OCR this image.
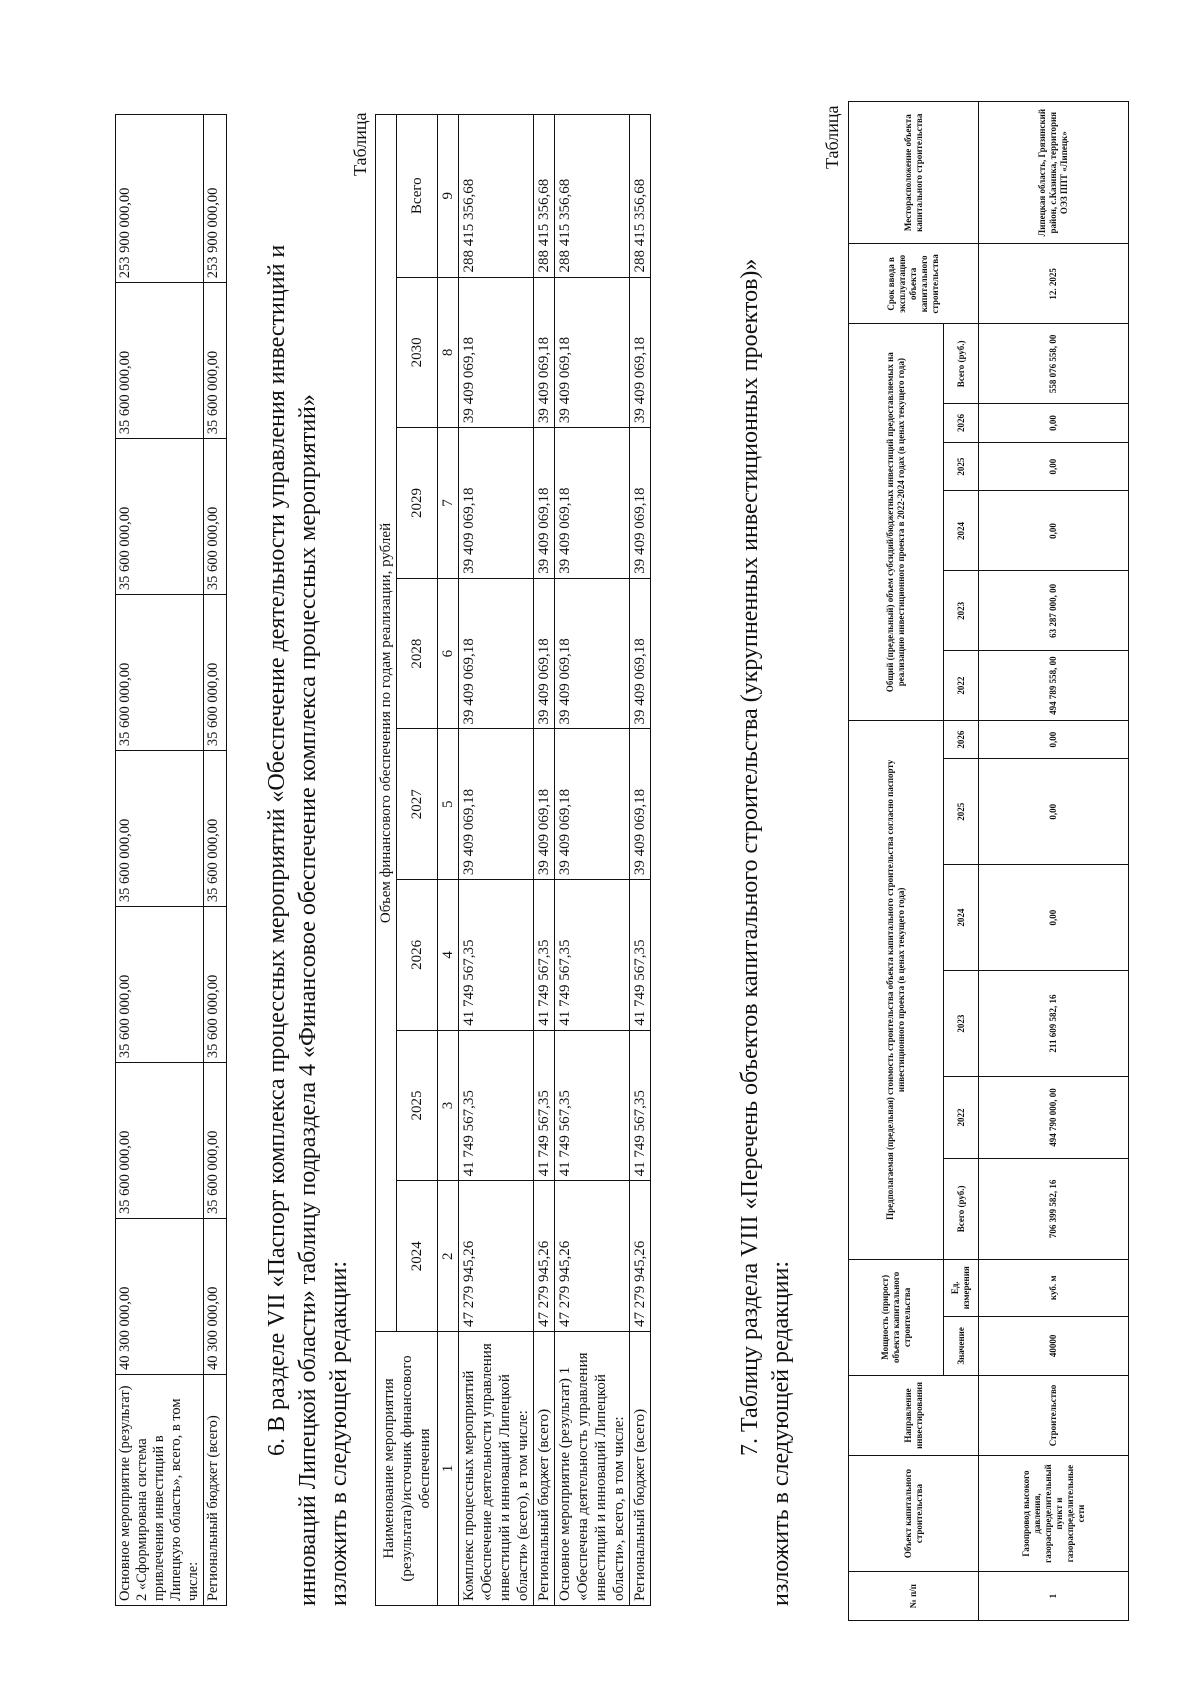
Основное мероприятие (результат) 2 «Сформирована система привлечения инвестиций в Липецкую область», всего, в том числе:	40 300 000,00	35 600 000,00	35 600 000,00	35 600 000,00	35 600 000,00	35 600 000,00	35 600 000,00	253 900 000,00
Региональный бюджет (всего)	40 300 000,00	35 600 000,00	35 600 000,00	35 600 000,00	35 600 000,00	35 600 000,00	35 600 000,00	253 900 000,00
6. В разделе VII «Паспорт комплекса процессных мероприятий «Обеспечение деятельности управления инвестиций и инноваций Липецкой области» таблицу подраздела 4 «Финансовое обеспечение комплекса процессных мероприятий» изложить в следующей редакции:
Таблица
Наименование мероприятия (результата)/источник финансового обеспечения	Объем финансового обеспечения по годам реализации, рублей							
	2024	2025	2026	2027	2028	2029	2030	Всего
1	2	3	4	5	6	7	8	9
Комплекс процессных мероприятий «Обеспечение деятельности управления инвестиций и инноваций Липецкой области» (всего), в том числе:	47 279 945,26	41 749 567,35	41 749 567,35	39 409 069,18	39 409 069,18	39 409 069,18	39 409 069,18	288 415 356,68
Региональный бюджет (всего)	47 279 945,26	41 749 567,35	41 749 567,35	39 409 069,18	39 409 069,18	39 409 069,18	39 409 069,18	288 415 356,68
Основное мероприятие (результат) 1 «Обеспечена деятельность управления инвестиций и инноваций Липецкой области», всего, в том числе:	47 279 945,26	41 749 567,35	41 749 567,35	39 409 069,18	39 409 069,18	39 409 069,18	39 409 069,18	288 415 356,68
Региональный бюджет (всего)	47 279 945,26	41 749 567,35	41 749 567,35	39 409 069,18	39 409 069,18	39 409 069,18	39 409 069,18	288 415 356,68
7. Таблицу раздела VIII «Перечень объектов капитального строительства (укрупненных инвестиционных проектов)» изложить в следующей редакции:
Таблица
№ п/п	Объект капитального строительства	Направление инвестирования	Мощность (прирост) объекта капитального строительства		Предполагаемая (предельная) стоимость строительства объекта капитального строительства согласно паспорту инвестиционного проекта (в ценах текущего года)						Общий (предельный) объем субсидий/бюджетных инвестиций предоставляемых на реализацию инвестиционного проекта в 2022-2024 годах (в ценах текущего года)						Срок ввода в эксплуатацию объекта капитального строительства	Месторасположение объекта капитального строительства
			Значение	Ед. измерения	Всего (руб.)	2022	2023	2024	2025	2026	2022	2023	2024	2025	2026	Всего (руб.)		
1	Газопровод высокого давления, газораспределительный пункт и газораспределительные сети	Строительство	40000	куб. м	706 399 582, 16	494 790 000, 00	211 609 582, 16	0,00	0,00	0,00	494 789 558, 00	63 287 000, 00	0,00	0,00	0,00	558 076 558, 00	12. 2025	Липецкая область, Грязинский район, с.Казинка, территория ОЭЗ ППТ «Липецк»
